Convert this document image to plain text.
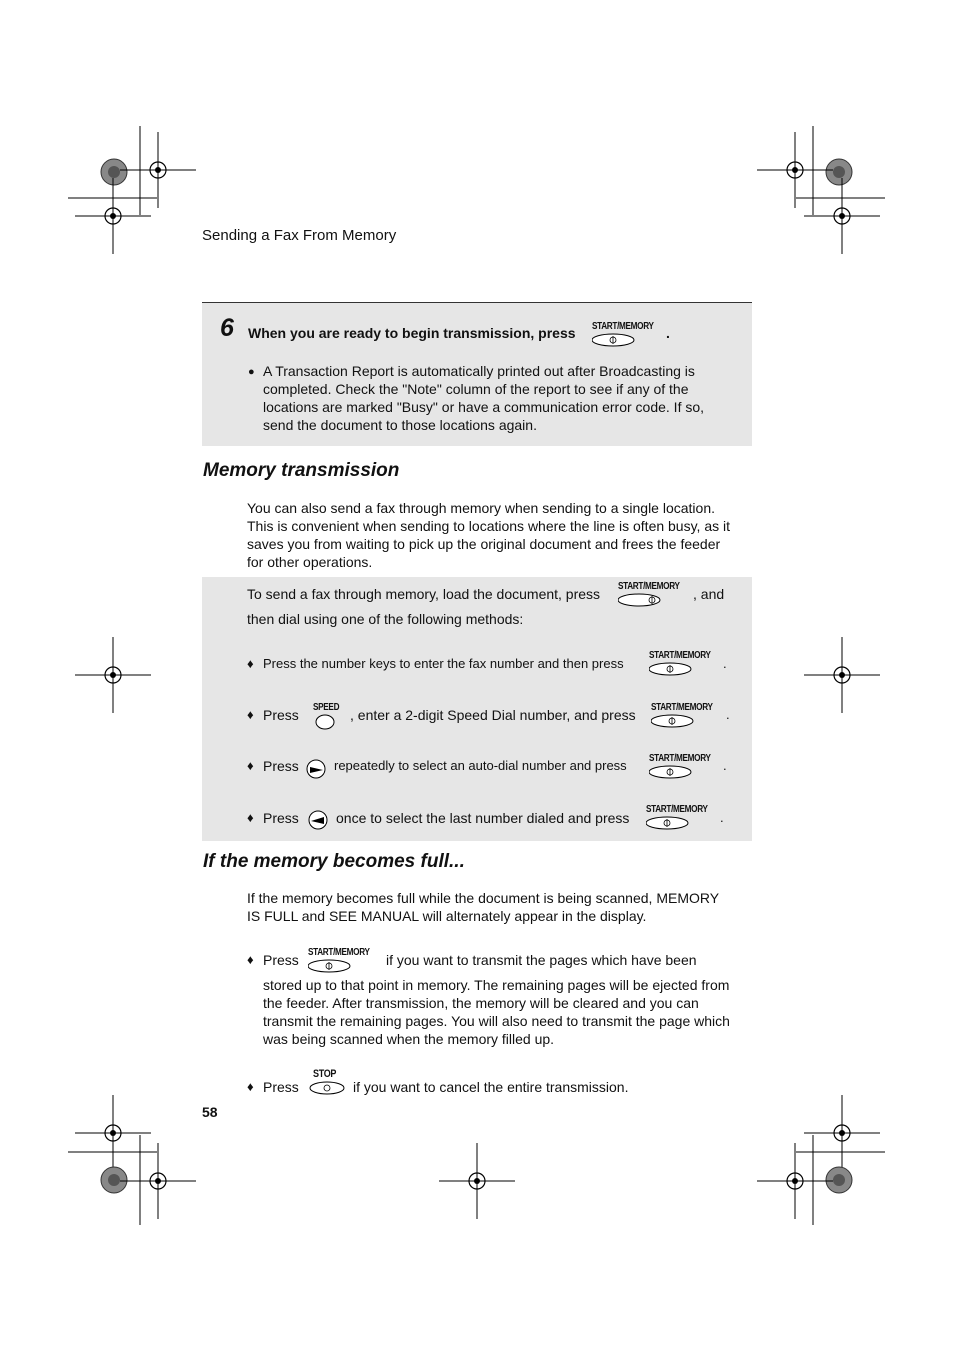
Sending a Fax From Memory
6 When you are ready to begin transmission, press START/MEMORY .
● A Transaction Report is automatically printed out after Broadcasting is
completed. Check the "Note" column of the report to see if any of the
locations are marked "Busy" or have a communication error code. If so,
send the document to those locations again.
Memory transmission
You can also send a fax through memory when sending to a single location.
This is convenient when sending to locations where the line is often busy, as it
saves you from waiting to pick up the original document and frees the feeder
for other operations.
To send a fax through memory, load the document, press START/MEMORY , and
then dial using one of the following methods:
♦ Press the number keys to enter the fax number and then press
START/MEMORY
.
♦ Press SPEED , enter a 2-digit Speed Dial number, and press START/MEMORY .
♦ Press	repeatedly to select an auto-dial number and press START/MEMORY .
♦ Press	once to select the last number dialed and press
START/MEMORY
.
If the memory becomes full...
If the memory becomes full while the document is being scanned, MEMORY
IS FULL and SEE MANUAL will alternately appear in the display.
♦ Press START/MEMORY if you want to transmit the pages which have been
stored up to that point in memory. The remaining pages will be ejected from
the feeder. After transmission, the memory will be cleared and you can
transmit the remaining pages. You will also need to transmit the page which
was being scanned when the memory filled up.
♦ Press
STOP
if you want to cancel the entire transmission.
58
